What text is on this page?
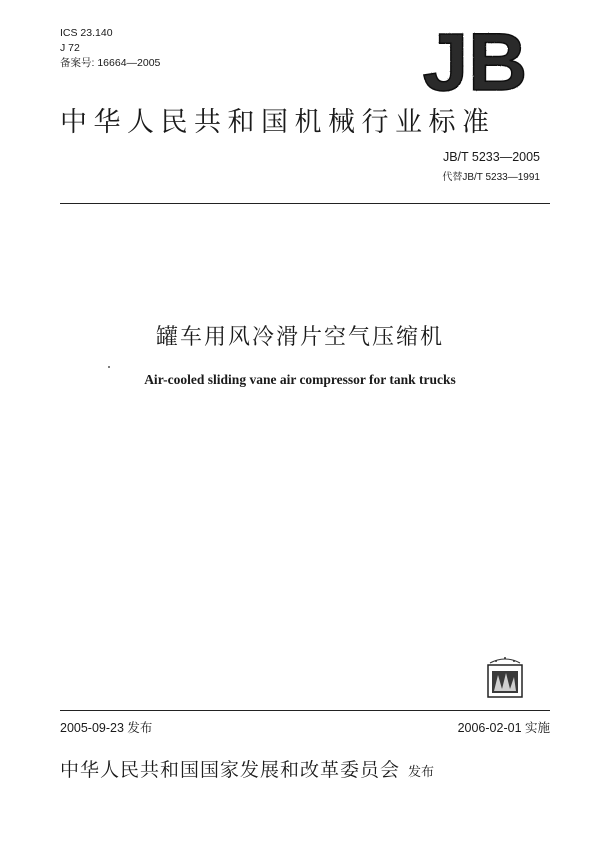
ICS 23.140
J 72
备案号: 16664—2005	JB
中华人民共和国机械行业标准
JB/T 5233—2005
代替JB/T 5233—1991
罐车用风冷滑片空气压缩机
Air-cooled sliding vane air compressor for tank trucks
2005-09-23 发布	2006-02-01 实施
中华人民共和国国家发展和改革委员会 发布
